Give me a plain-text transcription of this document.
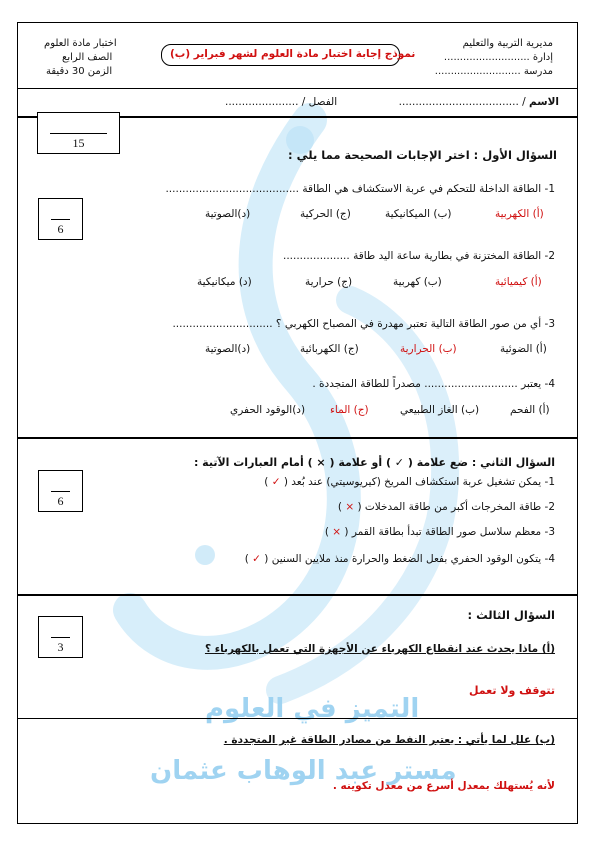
التميز في العلوم
مستر عبد الوهاب عثمان
مديرية التربية والتعليم
إدارة ...........................
مدرسة ...........................
نموذج إجابة اختبار مادة العلوم لشهر فبراير (ب)
اختبار مادة العلوم
الصف الرابع
الزمن 30 دقيقة
الاسم / ....................................
الفصل / ......................
15
السؤال الأول : اختر الإجابات الصحيحة مما يلي :
6
1- الطاقة الداخلة للتحكم في عربة الاستكشاف هي الطاقة ........................................
(أ) الكهربية
(ب) الميكانيكية
(ج) الحركية
(د)الصوتية
2- الطاقة المختزنة في بطارية ساعة اليد طاقة ....................
(أ) كيميائية
(ب) كهربية
(ج) حرارية
(د) ميكانيكية
3- أي من صور الطاقة التالية تعتبر مهدرة في المصباح الكهربي ؟ ..............................
(أ) الضوئية
(ب) الحرارية
(ج) الكهربائية
(د)الصوتية
4- يعتبر ............................ مصدراً للطاقة المتجددة .
(أ) الفحم
(ب) الغاز الطبيعي
(ج) الماء
(د)الوقود الحفري
السؤال الثاني : ضع علامة ( ✓ ) أو علامة ( × ) أمام العبارات الآتية :
6
1- يمكن تشغيل عربة استكشاف المريخ (كيريوسيتي) عند بُعد ( ✓ )
2- طاقة المخرجات أكبر من طاقة المدخلات ( × )
3- معظم سلاسل صور الطاقة تبدأ بطاقة القمر ( × )
4- يتكون الوقود الحفري بفعل الضغط والحرارة منذ ملايين السنين ( ✓ )
السؤال الثالث :
3	(أ) ماذا يحدث عند انقطاع الكهرباء عن الأجهزة التي تعمل بالكهرباء ؟
تتوقف ولا تعمل
(ب) علل لما يأتي : يعتبر النفط من مصادر الطاقة غير المتجددة .
لأنه يُستهلك بمعدل أسرع من معدل تكوينه .
